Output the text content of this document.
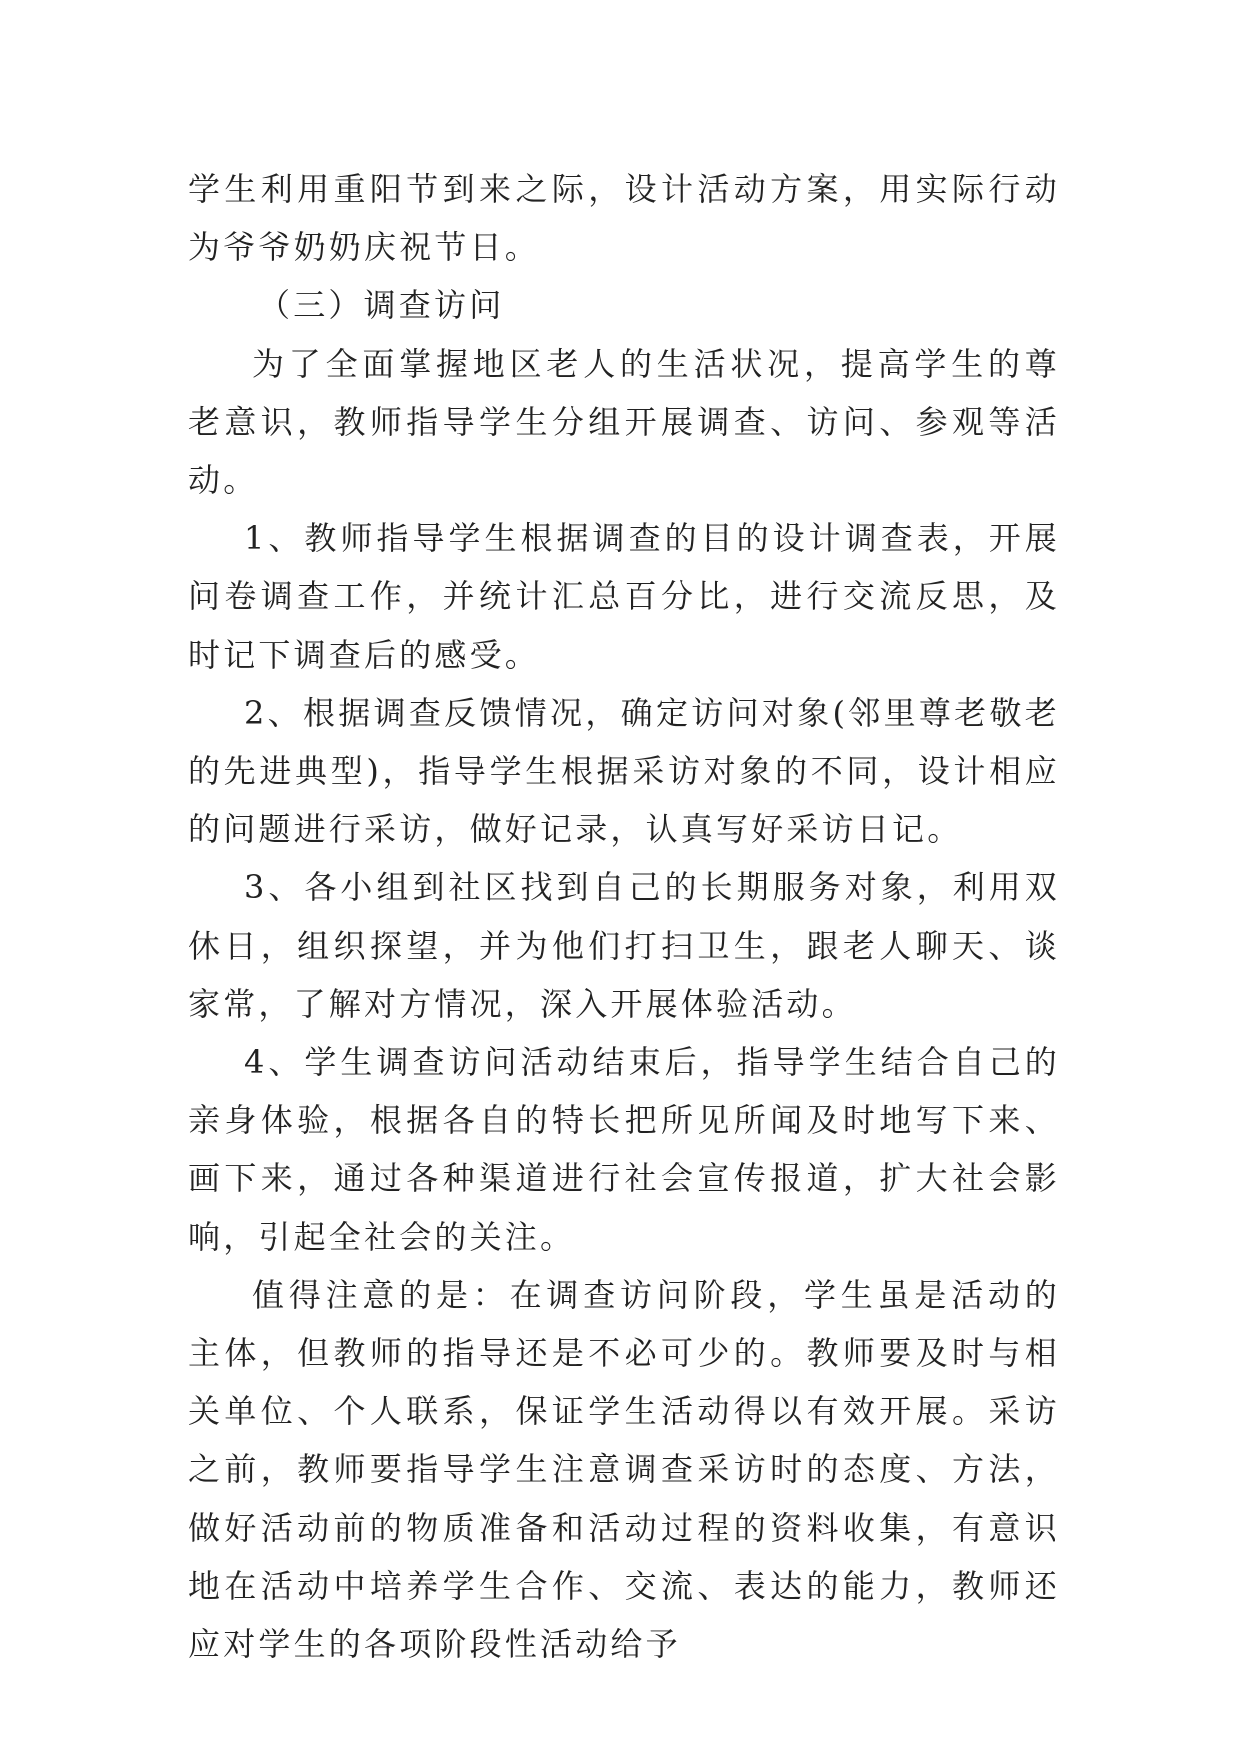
学生利用重阳节到来之际，设计活动方案，用实际行动为爷爷奶奶庆祝节日。

（三）调查访问

为了全面掌握地区老人的生活状况，提高学生的尊老意识，教师指导学生分组开展调查、访问、参观等活动。

1、教师指导学生根据调查的目的设计调查表，开展问卷调查工作，并统计汇总百分比，进行交流反思，及时记下调查后的感受。

2、根据调查反馈情况，确定访问对象(邻里尊老敬老的先进典型)，指导学生根据采访对象的不同，设计相应的问题进行采访，做好记录，认真写好采访日记。

3、各小组到社区找到自己的长期服务对象，利用双休日，组织探望，并为他们打扫卫生，跟老人聊天、谈家常，了解对方情况，深入开展体验活动。

4、学生调查访问活动结束后，指导学生结合自己的亲身体验，根据各自的特长把所见所闻及时地写下来、画下来，通过各种渠道进行社会宣传报道，扩大社会影响，引起全社会的关注。

值得注意的是：在调查访问阶段，学生虽是活动的主体，但教师的指导还是不必可少的。教师要及时与相关单位、个人联系，保证学生活动得以有效开展。采访之前，教师要指导学生注意调查采访时的态度、方法，做好活动前的物质准备和活动过程的资料收集，有意识地在活动中培养学生合作、交流、表达的能力，教师还应对学生的各项阶段性活动给予
